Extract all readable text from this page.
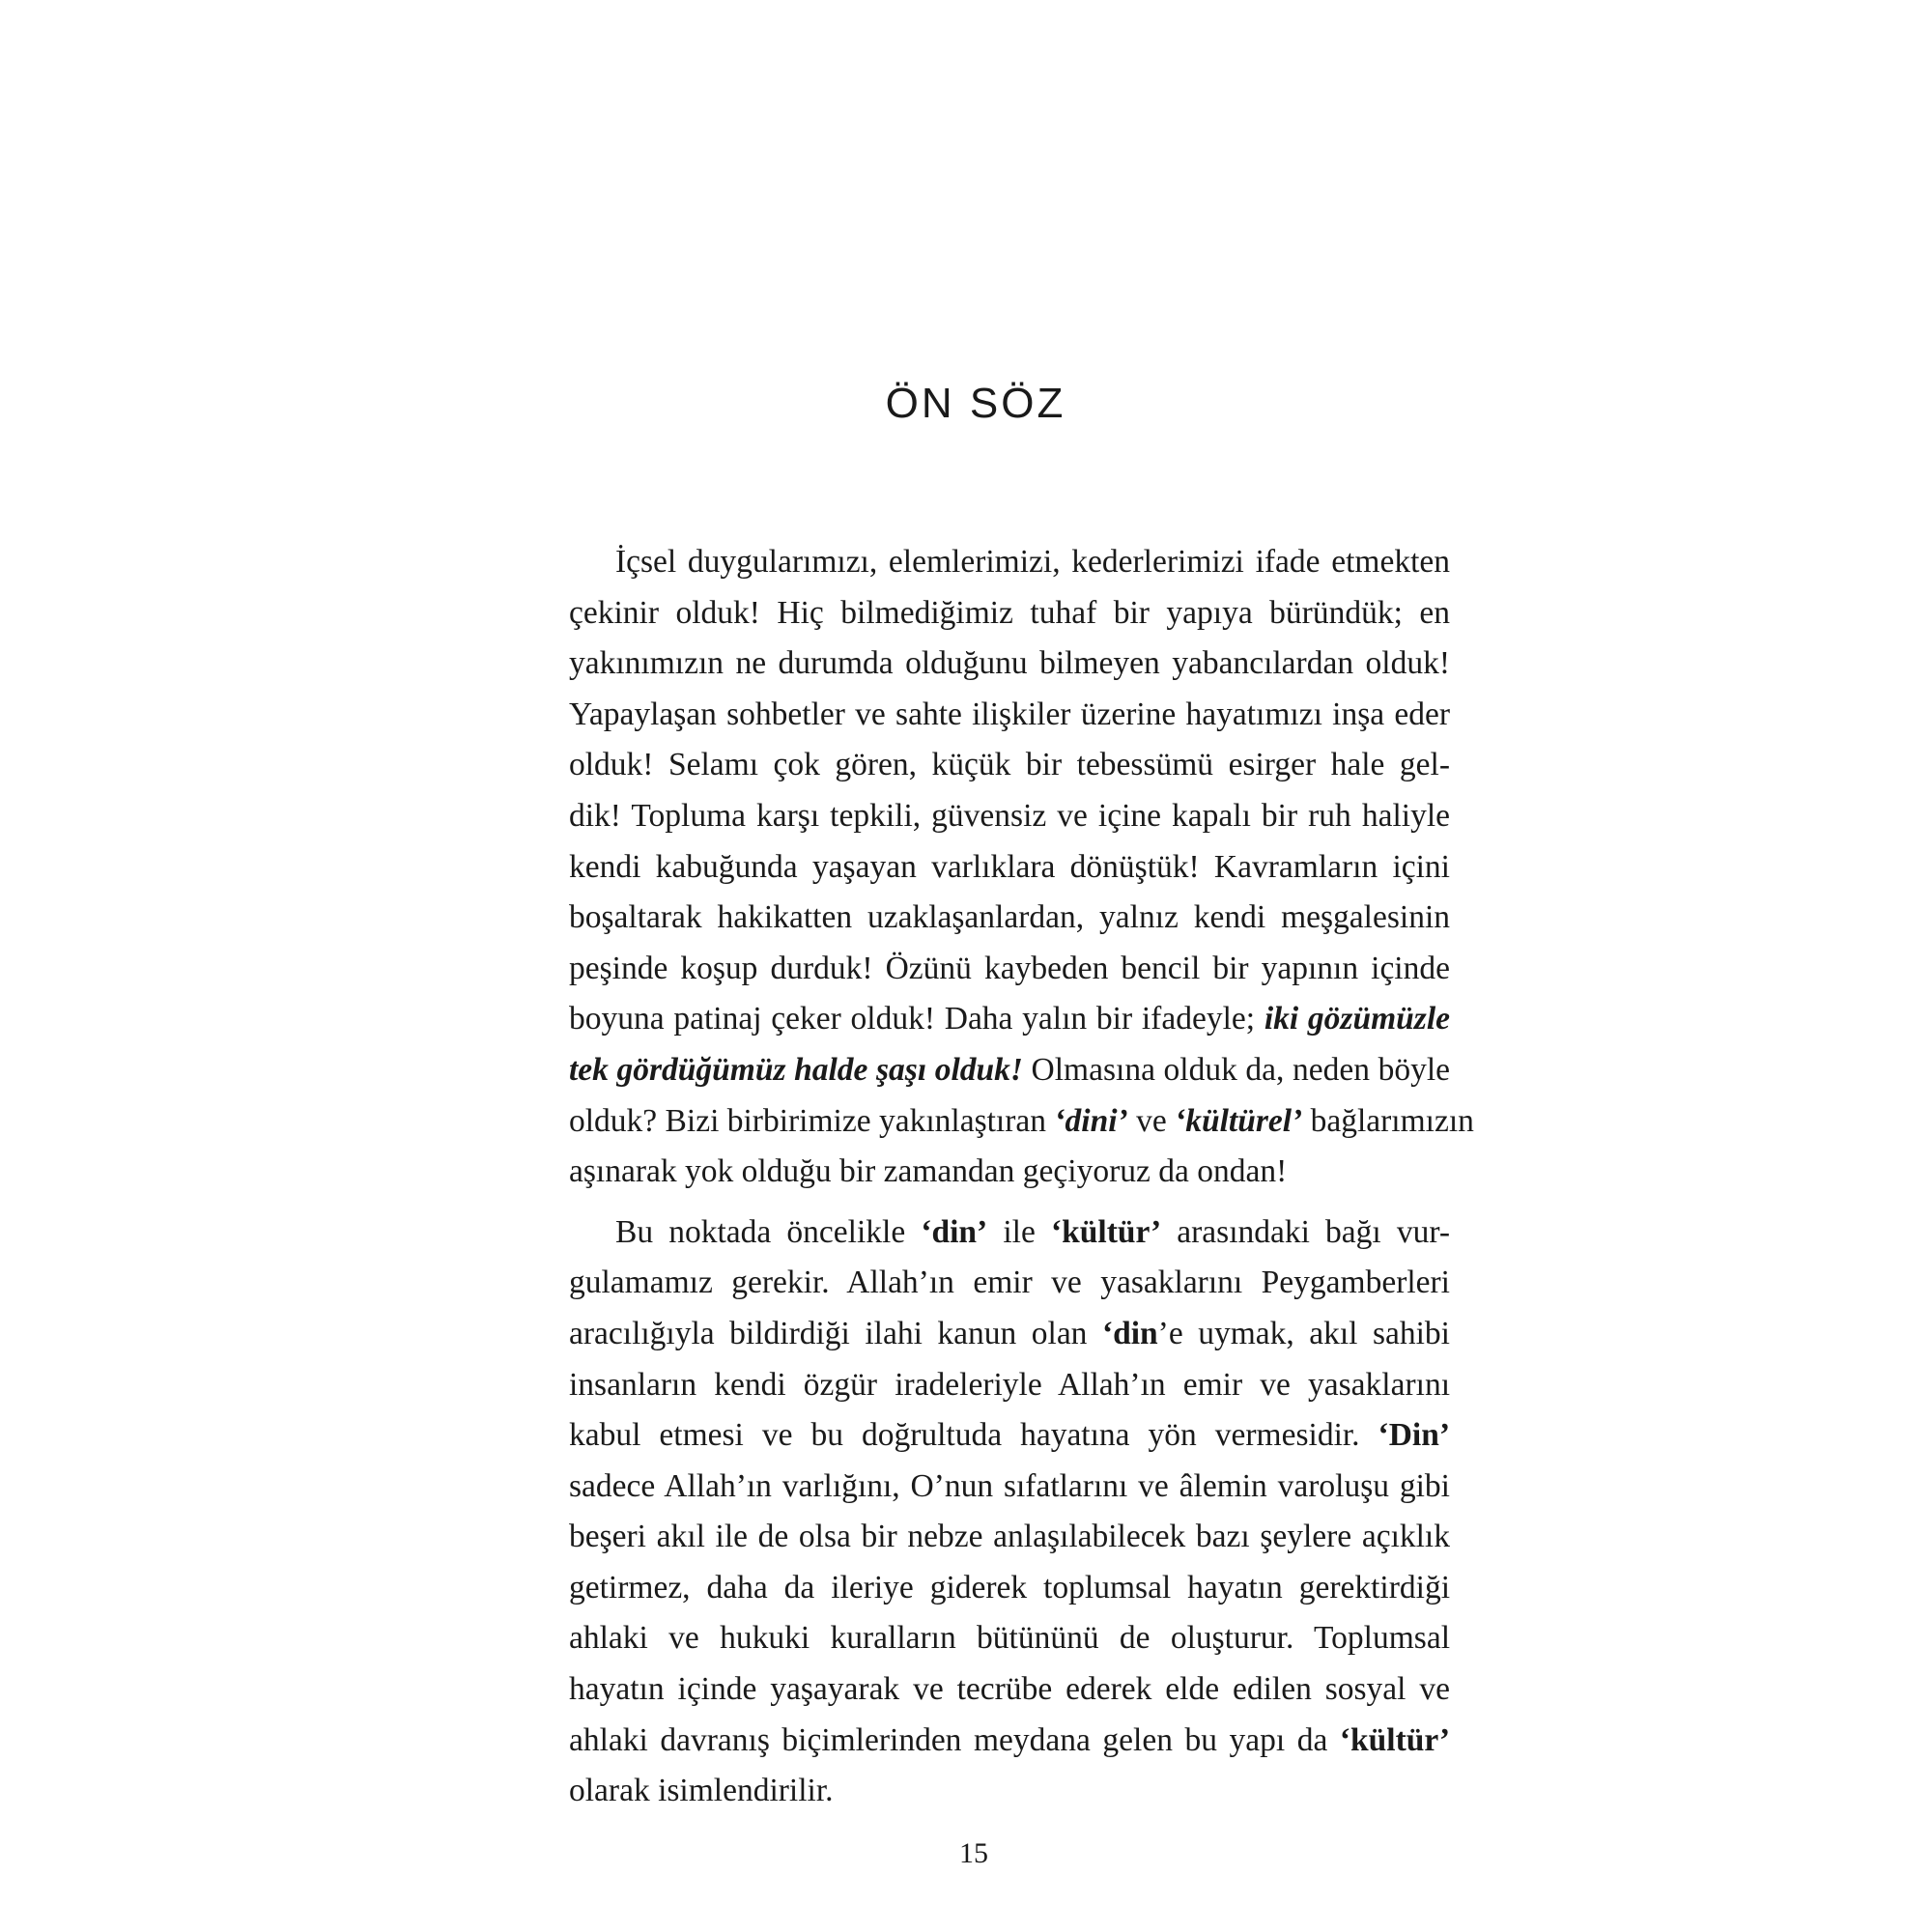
ÖN SÖZ
İçsel duygularımızı, elemlerimizi, kederlerimizi ifade etmekten
çekinir olduk! Hiç bilmediğimiz tuhaf bir yapıya büründük; en
yakınımızın ne durumda olduğunu bilmeyen yabancılardan olduk!
Yapaylaşan sohbetler ve sahte ilişkiler üzerine hayatımızı inşa eder
olduk! Selamı çok gören, küçük bir tebessümü esirger hale gel-
dik! Topluma karşı tepkili, güvensiz ve içine kapalı bir ruh haliyle
kendi kabuğunda yaşayan varlıklara dönüştük! Kavramların içini
boşaltarak hakikatten uzaklaşanlardan, yalnız kendi meşgalesinin
peşinde koşup durduk! Özünü kaybeden bencil bir yapının içinde
boyuna patinaj çeker olduk! Daha yalın bir ifadeyle; iki gözümüzle
tek gördüğümüz halde şaşı olduk! Olmasına olduk da, neden böyle
olduk? Bizi birbirimize yakınlaştıran ‘dini’ ve ‘kültürel’ bağlarımızın
aşınarak yok olduğu bir zamandan geçiyoruz da ondan!
Bu noktada öncelikle ‘din’ ile ‘kültür’ arasındaki bağı vur-
gulamamız gerekir. Allah’ın emir ve yasaklarını Peygamberleri
aracılığıyla bildirdiği ilahi kanun olan ‘din’e uymak, akıl sahibi
insanların kendi özgür iradeleriyle Allah’ın emir ve yasaklarını
kabul etmesi ve bu doğrultuda hayatına yön vermesidir. ‘Din’
sadece Allah’ın varlığını, O’nun sıfatlarını ve âlemin varoluşu gibi
beşeri akıl ile de olsa bir nebze anlaşılabilecek bazı şeylere açıklık
getirmez, daha da ileriye giderek toplumsal hayatın gerektirdiği
ahlaki ve hukuki kuralların bütününü de oluşturur. Toplumsal
hayatın içinde yaşayarak ve tecrübe ederek elde edilen sosyal ve
ahlaki davranış biçimlerinden meydana gelen bu yapı da ‘kültür’
olarak isimlendirilir.
15
